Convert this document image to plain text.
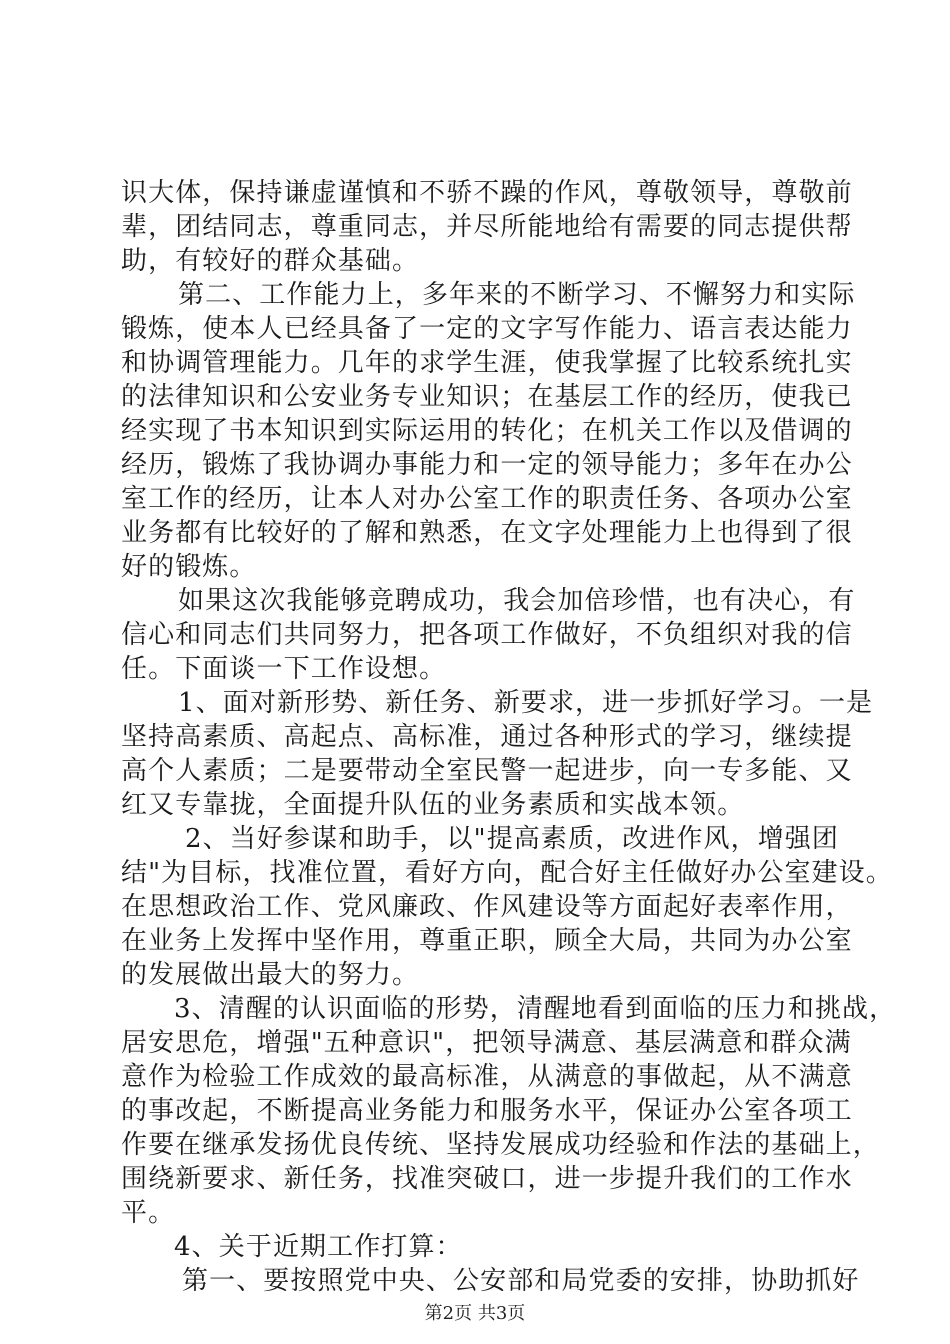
识大体，保持谦虚谨慎和不骄不躁的作风，尊敬领导，尊敬前
辈，团结同志，尊重同志，并尽所能地给有需要的同志提供帮
助，有较好的群众基础。
第二、工作能力上，多年来的不断学习、不懈努力和实际
锻炼，使本人已经具备了一定的文字写作能力、语言表达能力
和协调管理能力。几年的求学生涯，使我掌握了比较系统扎实
的法律知识和公安业务专业知识；在基层工作的经历，使我已
经实现了书本知识到实际运用的转化；在机关工作以及借调的
经历，锻炼了我协调办事能力和一定的领导能力；多年在办公
室工作的经历，让本人对办公室工作的职责任务、各项办公室
业务都有比较好的了解和熟悉，在文字处理能力上也得到了很
好的锻炼。
如果这次我能够竞聘成功，我会加倍珍惜，也有决心，有
信心和同志们共同努力，把各项工作做好，不负组织对我的信
任。下面谈一下工作设想。
1、面对新形势、新任务、新要求，进一步抓好学习。一是
坚持高素质、高起点、高标准，通过各种形式的学习，继续提
高个人素质；二是要带动全室民警一起进步，向一专多能、又
红又专靠拢，全面提升队伍的业务素质和实战本领。
2、当好参谋和助手，以"提高素质，改进作风，增强团
结"为目标，找准位置，看好方向，配合好主任做好办公室建设。
在思想政治工作、党风廉政、作风建设等方面起好表率作用，
在业务上发挥中坚作用，尊重正职，顾全大局，共同为办公室
的发展做出最大的努力。
3、清醒的认识面临的形势，清醒地看到面临的压力和挑战，
居安思危，增强"五种意识"，把领导满意、基层满意和群众满
意作为检验工作成效的最高标准，从满意的事做起，从不满意
的事改起，不断提高业务能力和服务水平，保证办公室各项工
作要在继承发扬优良传统、坚持发展成功经验和作法的基础上，
围绕新要求、新任务，找准突破口，进一步提升我们的工作水
平。
4、关于近期工作打算：
第一、要按照党中央、公安部和局党委的安排，协助抓好
第2页 共3页
